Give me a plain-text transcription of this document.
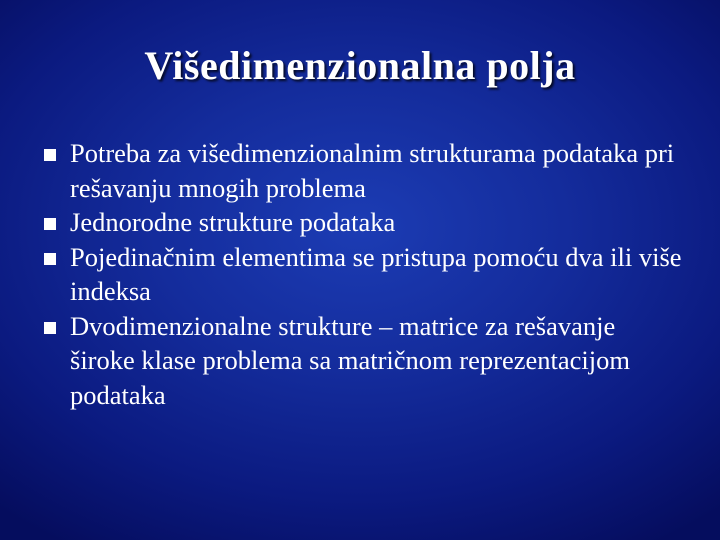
Višedimenzionalna polja
Potreba za višedimenzionalnim strukturama podataka pri rešavanju mnogih problema
Jednorodne strukture podataka
Pojedinačnim elementima se pristupa pomoću dva ili više indeksa
Dvodimenzionalne strukture – matrice za rešavanje široke klase problema sa matričnom reprezentacijom podataka
